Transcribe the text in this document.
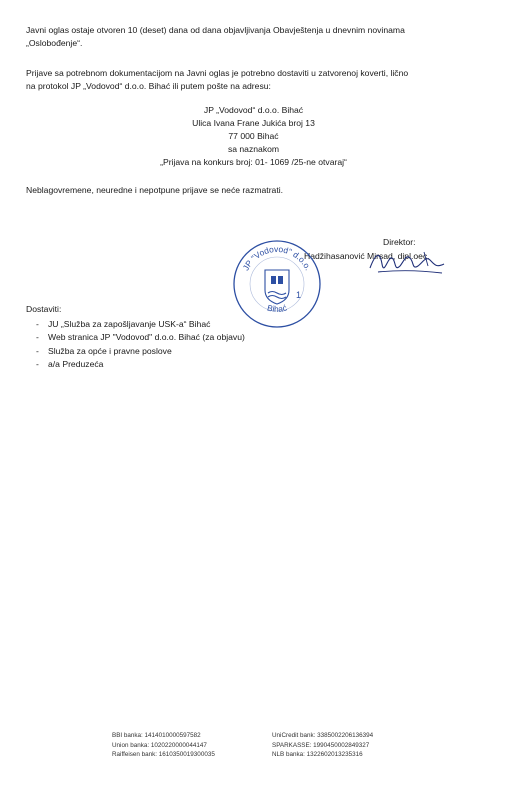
Javni oglas ostaje otvoren 10 (deset) dana od dana objavljivanja Obavještenja u dnevnim novinama
„Oslobođenje“.

Prijave sa potrebnom dokumentacijom na Javni oglas je potrebno dostaviti u zatvorenoj koverti, lično
na protokol JP „Vodovod“ d.o.o. Bihać ili putem pošte na adresu:

JP „Vodovod“ d.o.o. Bihać
Ulica Ivana Frane Jukića broj 13
77 000 Bihać
sa naznakom
„Prijava na konkurs broj: 01- 1069 /25-ne otvaraj“

Neblagovremene, neuredne i nepotpune prijave se neće razmatrati.

Direktor:
Hadžihasanović Mirsad, dipl.oec.
JP "Vodovod" d.o.o.
Bihać
1
Dostaviti:
- JU „Služba za zapošljavanje USK-a“ Bihać
- Web stranica JP "Vodovod" d.o.o. Bihać (za objavu)
- Služba za opće i pravne poslove
- a/a Preduzeća
BBI banka: 1414010000597582
Union banka: 1020220000044147
Raiffeisen bank: 1610350019300035
UniCredit bank: 3385002206136394
SPARKASSE: 1990450002849327
NLB banka: 1322602013235316
